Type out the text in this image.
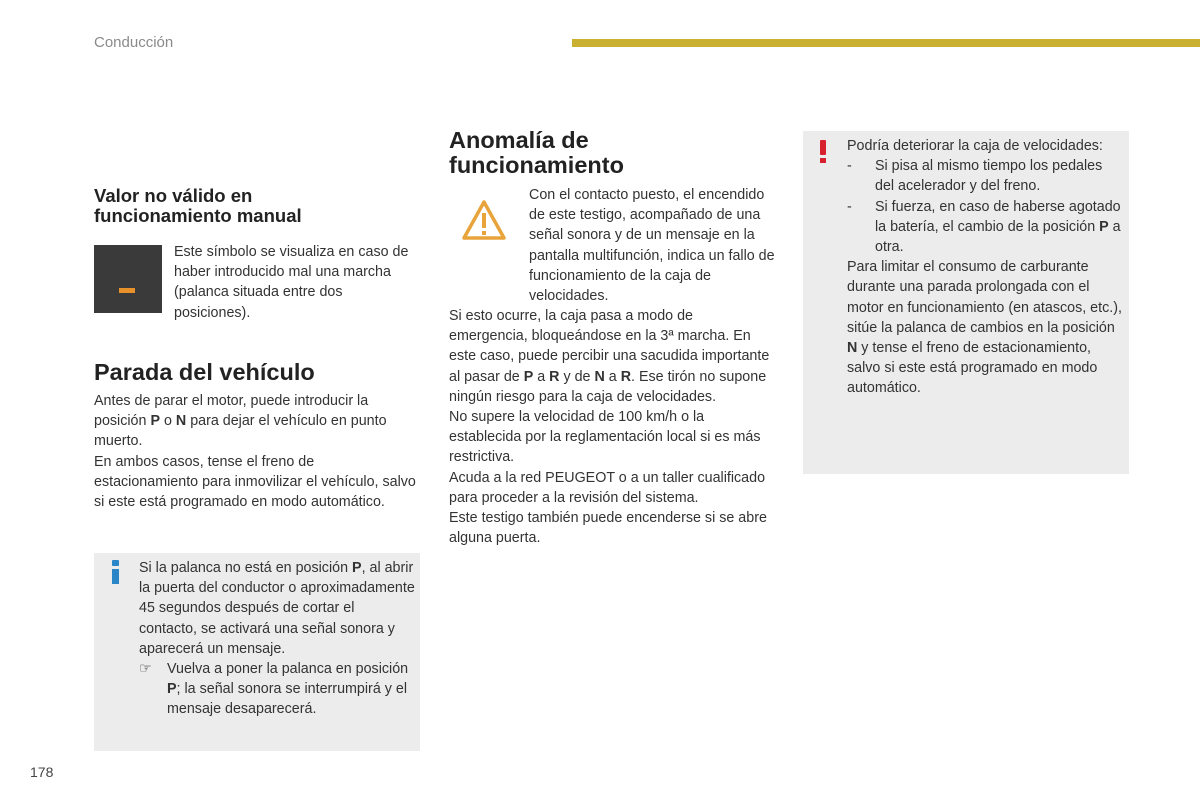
Conducción
Valor no válido en funcionamiento manual
Este símbolo se visualiza en caso de haber introducido mal una marcha (palanca situada entre dos posiciones).
Parada del vehículo

Antes de parar el motor, puede introducir la posición P o N para dejar el vehículo en punto muerto.

En ambos casos, tense el freno de estacionamiento para inmovilizar el vehículo, salvo si este está programado en modo automático.

Si la palanca no está en posición P, al abrir la puerta del conductor o aproximadamente 45 segundos después de cortar el contacto, se activará una señal sonora y aparecerá un mensaje.

☞ Vuelva a poner la palanca en posición P; la señal sonora se interrumpirá y el mensaje desaparecerá.
Anomalía de funcionamiento
Con el contacto puesto, el encendido de este testigo, acompañado de una señal sonora y de un mensaje en la pantalla multifunción, indica un fallo de funcionamiento de la caja de velocidades.

Si esto ocurre, la caja pasa a modo de emergencia, bloqueándose en la 3ª marcha. En este caso, puede percibir una sacudida importante al pasar de P a R y de N a R. Ese tirón no supone ningún riesgo para la caja de velocidades.

No supere la velocidad de 100 km/h o la establecida por la reglamentación local si es más restrictiva.

Acuda a la red PEUGEOT o a un taller cualificado para proceder a la revisión del sistema.

Este testigo también puede encenderse si se abre alguna puerta.

Podría deteriorar la caja de velocidades:

- Si pisa al mismo tiempo los pedales del acelerador y del freno.
- Si fuerza, en caso de haberse agotado la batería, el cambio de la posición P a otra.

Para limitar el consumo de carburante durante una parada prolongada con el motor en funcionamiento (en atascos, etc.), sitúe la palanca de cambios en la posición N y tense el freno de estacionamiento, salvo si este está programado en modo automático.

178
